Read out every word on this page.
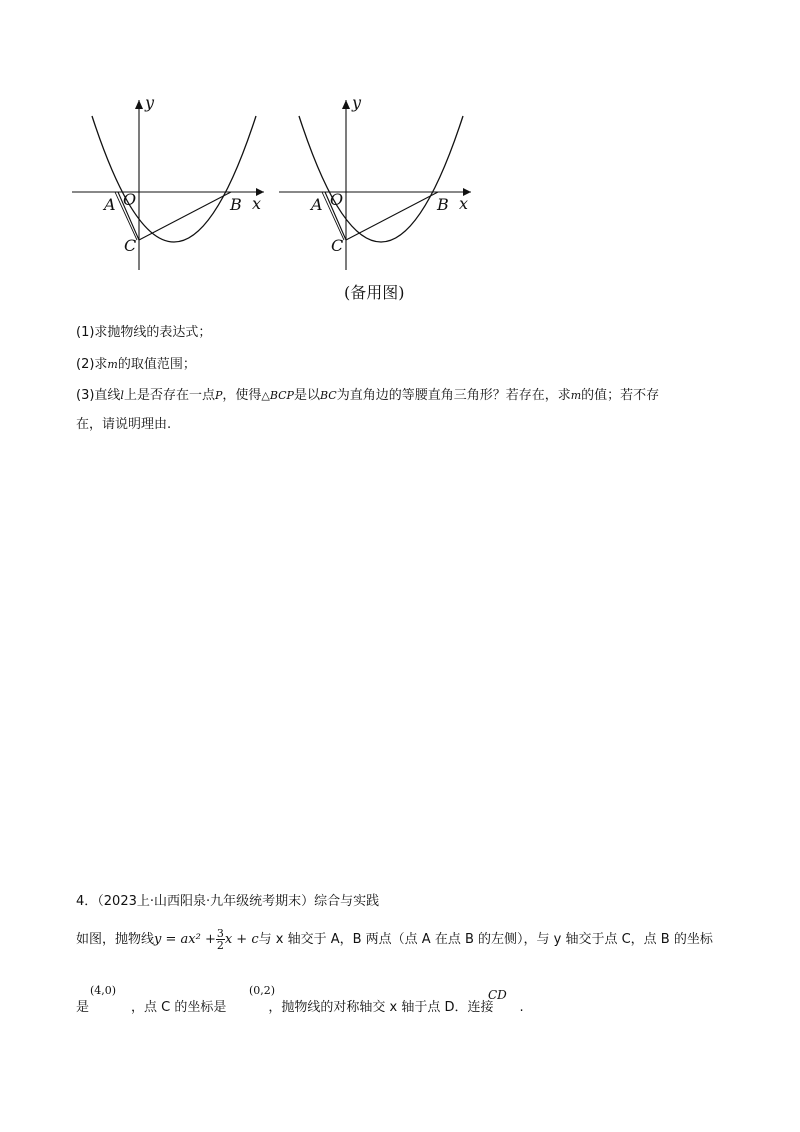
y
x
A O	B
C
y
x
A O	B
C
(备用图)
(1)求抛物线的表达式；
(2)求m的取值范围；
(3)直线l上是否存在一点P，使得△BCP是以BC为直角边的等腰直角三角形？若存在，求m的值；若不存
在，请说明理由.
4．（2023上·山西阳泉·九年级统考期末）综合与实践
如图，抛物线$y = ax^2 + \frac{3}{2}$ x + c与 x 轴交于 A，B 两点（点 A 在点 B 的左侧），与 y 轴交于点 C，点 B 的坐标
是	，点 C 的坐标是	，抛物线的对称轴交 x 轴于点 D．连接 .
(4,0)	(0,2)	CD
